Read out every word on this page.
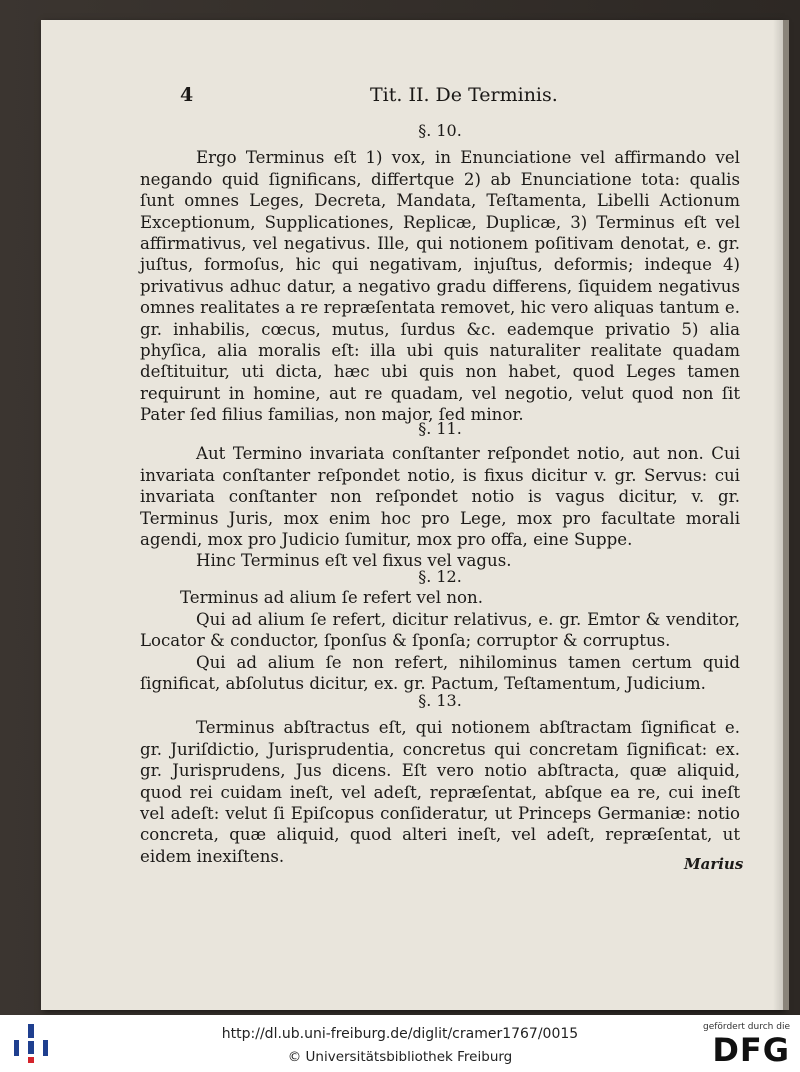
4	Tit. II. De Terminis.

§. 10.

Ergo Terminus eſt 1) vox, in Enunciatione vel affirmando vel negando quid ſignificans, differtque 2) ab Enunciatione tota: qualis ſunt omnes Leges, Decreta, Mandata, Teſtamenta, Libelli Actionum Exceptionum, Supplicationes, Replicæ, Duplicæ, 3) Terminus eſt vel affirmativus, vel negativus. Ille, qui notionem poſitivam denotat, e. gr. juſtus, formoſus, hic qui negativam, injuſtus, deformis; indeque 4) privativus adhuc datur, a negativo gradu differens, ſiquidem negativus omnes realitates a re repræſentata removet, hic vero aliquas tantum e. gr. inhabilis, cœcus, mutus, ſurdus &c. eademque privatio 5) alia phyſica, alia moralis eſt: illa ubi quis naturaliter realitate quadam deſtituitur, uti dicta, hæc ubi quis non habet, quod Leges tamen requirunt in homine, aut re quadam, vel negotio, velut quod non ſit Pater ſed filius familias, non major, ſed minor.

§. 11.

Aut Termino invariata conſtanter reſpondet notio, aut non. Cui invariata conſtanter reſpondet notio, is fixus dicitur v. gr. Servus: cui invariata conſtanter non reſpondet notio is vagus dicitur, v. gr. Terminus Juris, mox enim hoc pro Lege, mox pro facultate morali agendi, mox pro Judicio ſumitur, mox pro offa, eine Suppe.

Hinc Terminus eſt vel fixus vel vagus.

§. 12.

Terminus ad alium ſe refert vel non.

Qui ad alium ſe refert, dicitur relativus, e. gr. Emtor & venditor, Locator & conductor, ſponſus & ſponſa; corruptor & corruptus.

Qui ad alium ſe non refert, nihilominus tamen certum quid ſignificat, abſolutus dicitur, ex. gr. Pactum, Teſtamentum, Judicium.

§. 13.

Terminus abſtractus eſt, qui notionem abſtractam ſignificat e. gr. Juriſdictio, Jurisprudentia, concretus qui concretam ſignificat: ex. gr. Jurisprudens, Jus dicens. Eſt vero notio abſtracta, quæ aliquid, quod rei cuidam ineſt, vel adeſt, repræſentat, abſque ea re, cui ineſt vel adeſt: velut ſi Epiſcopus conſideratur, ut Princeps Germaniæ: notio concreta, quæ aliquid, quod alteri ineſt, vel adeſt, repræſentat, ut eidem inexiſtens.	Marius
http://dl.ub.uni-freiburg.de/diglit/cramer1767/0015
© Universitätsbibliothek Freiburg
gefördert durch die
DFG
